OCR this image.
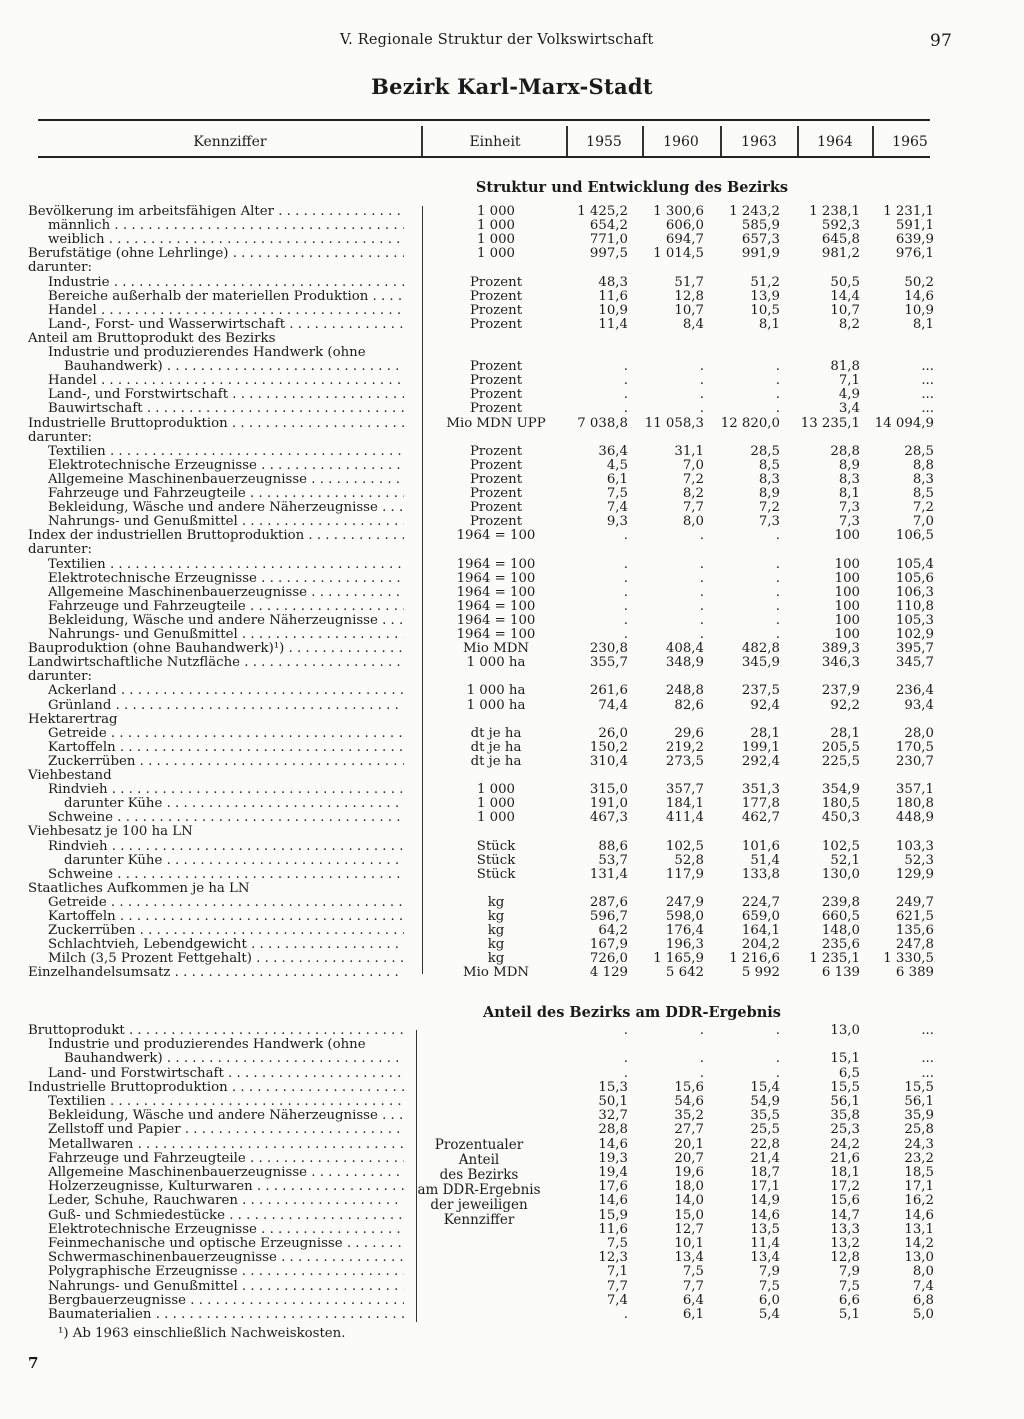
V. Regionale Struktur der Volkswirtschaft	97
Bezirk Karl-Marx-Stadt
Kennziffer	Einheit	1955	1960	1963	1964	1965
Struktur und Entwicklung des Bezirks
Bevölkerung im arbeitsfähigen Alter . . .	1 000	1 425,2	1 300,6	1 243,2	1 238,1	1 231,1
männlich . . .	1 000	654,2	606,0	585,9	592,3	591,1
weiblich . . .	1 000	771,0	694,7	657,3	645,8	639,9
Berufstätige (ohne Lehrlinge) . . .	1 000	997,5	1 014,5	991,9	981,2	976,1
darunter:
Industrie . . .	Prozent	48,3	51,7	51,2	50,5	50,2
Bereiche außerhalb der materiellen Produktion . . .	Prozent	11,6	12,8	13,9	14,4	14,6
Handel . . .	Prozent	10,9	10,7	10,5	10,7	10,9
Land-, Forst- und Wasserwirtschaft . . .	Prozent	11,4	8,4	8,1	8,2	8,1
Anteil am Bruttoprodukt des Bezirks
Industrie und produzierendes Handwerk (ohne
Bauhandwerk) . . .	Prozent	.	.	.	81,8	...
Handel . . .	Prozent	.	.	.	7,1	...
Land-, und Forstwirtschaft . . .	Prozent	.	.	.	4,9	...
Bauwirtschaft . . .	Prozent	.	.	.	3,4	...
Industrielle Bruttoproduktion . . .	Mio MDN UPP	7 038,8	11 058,3	12 820,0	13 235,1	14 094,9
darunter:
Textilien . . .	Prozent	36,4	31,1	28,5	28,8	28,5
Elektrotechnische Erzeugnisse . . .	Prozent	4,5	7,0	8,5	8,9	8,8
Allgemeine Maschinenbauerzeugnisse . . .	Prozent	6,1	7,2	8,3	8,3	8,3
Fahrzeuge und Fahrzeugteile . . .	Prozent	7,5	8,2	8,9	8,1	8,5
Bekleidung, Wäsche und andere Näherzeugnisse . . .	Prozent	7,4	7,7	7,2	7,3	7,2
Nahrungs- und Genußmittel . . .	Prozent	9,3	8,0	7,3	7,3	7,0
Index der industriellen Bruttoproduktion . . .	1964 = 100	.	.	.	100	106,5
darunter:
Textilien . . .	1964 = 100	.	.	.	100	105,4
Elektrotechnische Erzeugnisse . . .	1964 = 100	.	.	.	100	105,6
Allgemeine Maschinenbauerzeugnisse . . .	1964 = 100	.	.	.	100	106,3
Fahrzeuge und Fahrzeugteile . . .	1964 = 100	.	.	.	100	110,8
Bekleidung, Wäsche und andere Näherzeugnisse . . .	1964 = 100	.	.	.	100	105,3
Nahrungs- und Genußmittel . . .	1964 = 100	.	.	.	100	102,9
Bauproduktion (ohne Bauhandwerk)¹) . . .	Mio MDN	230,8	408,4	482,8	389,3	395,7
Landwirtschaftliche Nutzfläche . . .	1 000 ha	355,7	348,9	345,9	346,3	345,7
darunter:
Ackerland . . .	1 000 ha	261,6	248,8	237,5	237,9	236,4
Grünland . . .	1 000 ha	74,4	82,6	92,4	92,2	93,4
Hektarertrag
Getreide . . .	dt je ha	26,0	29,6	28,1	28,1	28,0
Kartoffeln . . .	dt je ha	150,2	219,2	199,1	205,5	170,5
Zuckerrüben . . .	dt je ha	310,4	273,5	292,4	225,5	230,7
Viehbestand
Rindvieh . . .	1 000	315,0	357,7	351,3	354,9	357,1
darunter Kühe . . .	1 000	191,0	184,1	177,8	180,5	180,8
Schweine . . .	1 000	467,3	411,4	462,7	450,3	448,9
Viehbesatz je 100 ha LN
Rindvieh . . .	Stück	88,6	102,5	101,6	102,5	103,3
darunter Kühe . . .	Stück	53,7	52,8	51,4	52,1	52,3
Schweine . . .	Stück	131,4	117,9	133,8	130,0	129,9
Staatliches Aufkommen je ha LN
Getreide . . .	kg	287,6	247,9	224,7	239,8	249,7
Kartoffeln . . .	kg	596,7	598,0	659,0	660,5	621,5
Zuckerrüben . . .	kg	64,2	176,4	164,1	148,0	135,6
Schlachtvieh, Lebendgewicht . . .	kg	167,9	196,3	204,2	235,6	247,8
Milch (3,5 Prozent Fettgehalt) . . .	kg	726,0	1 165,9	1 216,6	1 235,1	1 330,5
Einzelhandelsumsatz . . .	Mio MDN	4 129	5 642	5 992	6 139	6 389
Anteil des Bezirks am DDR-Ergebnis
Bruttoprodukt . . .	.	.	.	13,0	...
Industrie und produzierendes Handwerk (ohne
Bauhandwerk) . . .	.	.	.	15,1	...
Land- und Forstwirtschaft . . .	.	.	.	6,5	...
Industrielle Bruttoproduktion . . .	15,3	15,6	15,4	15,5	15,5
Textilien . . .	50,1	54,6	54,9	56,1	56,1
Bekleidung, Wäsche und andere Näherzeugnisse . . .	32,7	35,2	35,5	35,8	35,9
Zellstoff und Papier . . .	28,8	27,7	25,5	25,3	25,8
Metallwaren . . .	14,6	20,1	22,8	24,2	24,3
Fahrzeuge und Fahrzeugteile . . .	19,3	20,7	21,4	21,6	23,2
Allgemeine Maschinenbauerzeugnisse . . .	19,4	19,6	18,7	18,1	18,5
Holzerzeugnisse, Kulturwaren . . .	17,6	18,0	17,1	17,2	17,1
Leder, Schuhe, Rauchwaren . . .	14,6	14,0	14,9	15,6	16,2
Guß- und Schmiedestücke . . .	15,9	15,0	14,6	14,7	14,6
Elektrotechnische Erzeugnisse . . .	11,6	12,7	13,5	13,3	13,1
Feinmechanische und optische Erzeugnisse . . .	7,5	10,1	11,4	13,2	14,2
Schwermaschinenbauerzeugnisse . . .	12,3	13,4	13,4	12,8	13,0
Polygraphische Erzeugnisse . . .	7,1	7,5	7,9	7,9	8,0
Nahrungs- und Genußmittel . . .	7,7	7,7	7,5	7,5	7,4
Bergbauerzeugnisse . . .	7,4	6,4	6,0	6,6	6,8
Baumaterialien . . .	.	6,1	5,4	5,1	5,0
Prozentualer Anteil
des Bezirks
am DDR-Ergebnis
der jeweiligen
Kennziffer
¹) Ab 1963 einschließlich Nachweiskosten.
7
